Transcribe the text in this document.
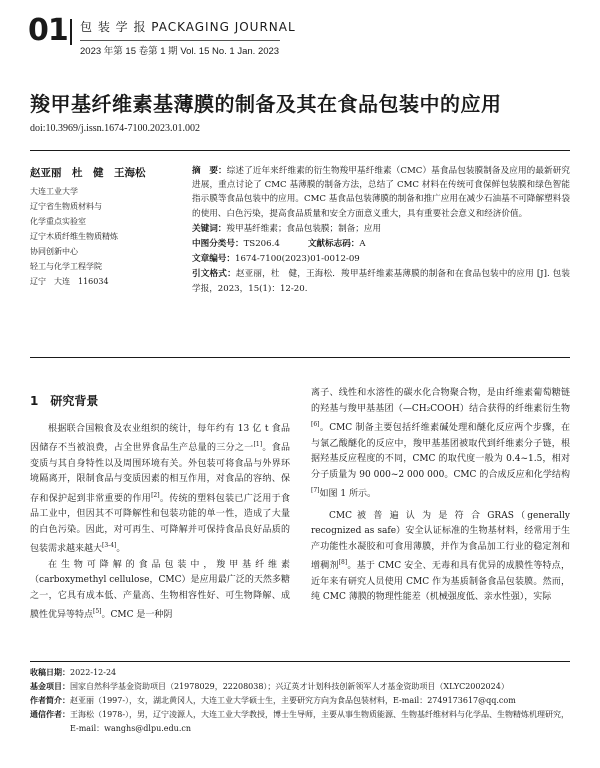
01 包 装 学 报 PACKAGING JOURNAL
2023 年第 15 卷第 1 期 Vol. 15 No. 1 Jan. 2023
羧甲基纤维素基薄膜的制备及其在食品包装中的应用
doi:10.3969/j.issn.1674-7100.2023.01.002
赵亚丽　杜　健　王海松
大连工业大学
辽宁省生物质材料与
化学重点实验室
辽宁木质纤维生物质精炼
协同创新中心
轻工与化学工程学院
辽宁　大连　116034

摘　要：综述了近年来纤维素的衍生物羧甲基纤维素（CMC）基食品包装膜制备及应用的最新研究进展，重点讨论了 CMC 基薄膜的制备方法，总结了 CMC 材料在传统可食保鲜包装膜和绿色智能指示膜等食品包装中的应用。CMC 基食品包装薄膜的制备和推广应用在减少石油基不可降解塑料袋的使用、白色污染，提高食品质量和安全方面意义重大，具有重要社会意义和经济价值。

关键词：羧甲基纤维素；食品包装膜；制备；应用

中图分类号：TS206.4	文献标志码：A

文章编号：1674-7100(2023)01-0012-09

引文格式：赵亚丽，杜　健，王海松．羧甲基纤维素基薄膜的制备和在食品包装中的应用 [J]. 包装学报，2023，15(1)：12-20.

1　研究背景

根据联合国粮食及农业组织的统计，每年约有 13 亿 t 食品因储存不当被浪费，占全世界食品生产总量的三分之一[1]。食品变质与其自身特性以及周围环境有关。外包装可将食品与外界环境隔离开，限制食品与变质因素的相互作用，对食品的容纳、保存和保护起到非常重要的作用[2]。传统的塑料包装已广泛用于食品工业中，但因其不可降解性和包装功能的单一性，造成了大量的白色污染。因此，对可再生、可降解并可保持食品良好品质的包装需求越来越大[3-4]。

在生物可降解的食品包装中，羧甲基纤维素（carboxymethyl cellulose，CMC）是应用最广泛的天然多糖之一，它具有成本低、产量高、生物相容性好、可生物降解、成膜性优异等特点[5]。CMC 是一种阴

离子、线性和水溶性的碳水化合物聚合物，是由纤维素葡萄糖链的羟基与羧甲基基团（—CH₂COOH）结合获得的纤维素衍生物[6]。CMC 制备主要包括纤维素碱处理和醚化反应两个步骤，在与氯乙酸醚化的反应中，羧甲基基团被取代到纤维素分子链，根据羟基反应程度的不同，CMC 的取代度一般为 0.4~1.5，相对分子质量为 90 000~2 000 000。CMC 的合成反应和化学结构[7]如图 1 所示。

CMC 被 普 遍 认 为 是 符 合 GRAS（generally recognized as safe）安全认证标准的生物基材料，经常用于生产功能性水凝胶和可食用薄膜，并作为食品加工行业的稳定剂和增稠剂[8]。基于 CMC 安全、无毒和具有优异的成膜性等特点，近年来有研究人员使用 CMC 作为基质制备食品包装膜。然而，纯 CMC 薄膜的物理性能差（机械强度低、亲水性强），实际

收稿日期： 2022-12-24
基金项目： 国家自然科学基金资助项目（21978029，22208038）；兴辽英才计划科技创新领军人才基金资助项目（XLYC2002024）
作者简介： 赵亚丽（1997-），女，湖北黄冈人，大连工业大学硕士生，主要研究方向为食品包装材料，E-mail：2749173617@qq.com
通信作者： 王海松（1978-），男，辽宁凌源人，大连工业大学教授，博士生导师，主要从事生物质能源、生物基纤维材料与化学品、生物精炼机理研究，E-mail：wanghs@dlpu.edu.cn
